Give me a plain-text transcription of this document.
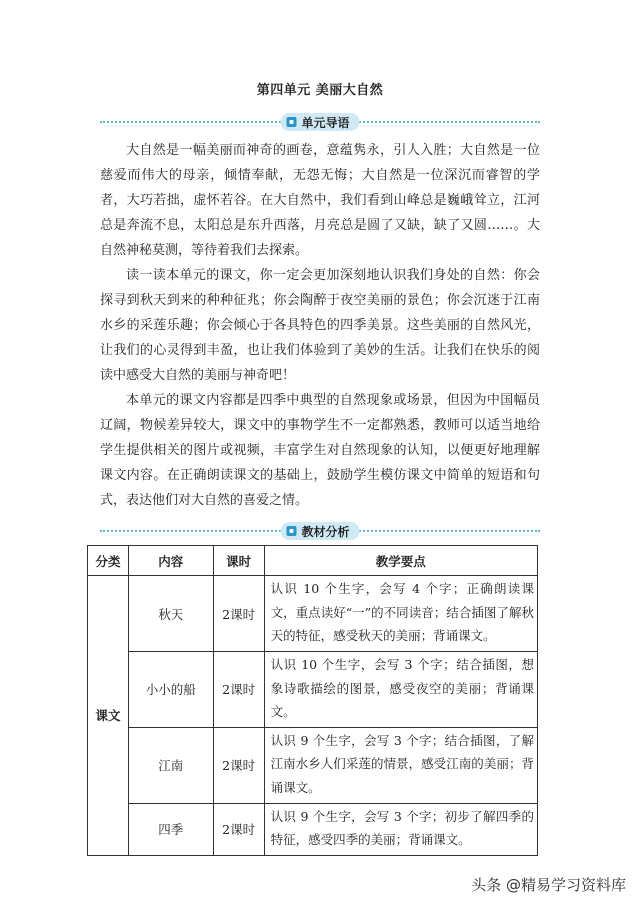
第四单元 美丽大自然
单元导语

大自然是一幅美丽而神奇的画卷，意蕴隽永，引人入胜；大自然是一位慈爱而伟大的母亲，倾情奉献，无怨无悔；大自然是一位深沉而睿智的学者，大巧若拙，虚怀若谷。在大自然中，我们看到山峰总是巍峨耸立，江河总是奔流不息，太阳总是东升西落，月亮总是圆了又缺，缺了又圆……。大自然神秘莫测，等待着我们去探索。

读一读本单元的课文，你一定会更加深刻地认识我们身处的自然：你会探寻到秋天到来的种种征兆；你会陶醉于夜空美丽的景色；你会沉迷于江南水乡的采莲乐趣；你会倾心于各具特色的四季美景。这些美丽的自然风光，让我们的心灵得到丰盈，也让我们体验到了美妙的生活。让我们在快乐的阅读中感受大自然的美丽与神奇吧！

本单元的课文内容都是四季中典型的自然现象或场景，但因为中国幅员辽阔，物候差异较大，课文中的事物学生不一定都熟悉，教师可以适当地给学生提供相关的图片或视频，丰富学生对自然现象的认知，以便更好地理解课文内容。在正确朗读课文的基础上，鼓励学生模仿课文中简单的短语和句式，表达他们对大自然的喜爱之情。

教材分析
分类	内容	课时	教学要点
课文	秋天	2课时	认识 10 个生字，会写 4 个字；正确朗读课文，重点读好“一”的不同读音；结合插图了解秋天的特征，感受秋天的美丽；背诵课文。
	小小的船	2课时	认识 10 个生字，会写 3 个字；结合插图，想象诗歌描绘的图景，感受夜空的美丽；背诵课文。
	江南	2课时	认识 9 个生字，会写 3 个字；结合插图，了解江南水乡人们采莲的情景，感受江南的美丽；背诵课文。
	四季	2课时	认识 9 个生字，会写 3 个字；初步了解四季的特征，感受四季的美丽；背诵课文。
头条 @精易学习资料库
